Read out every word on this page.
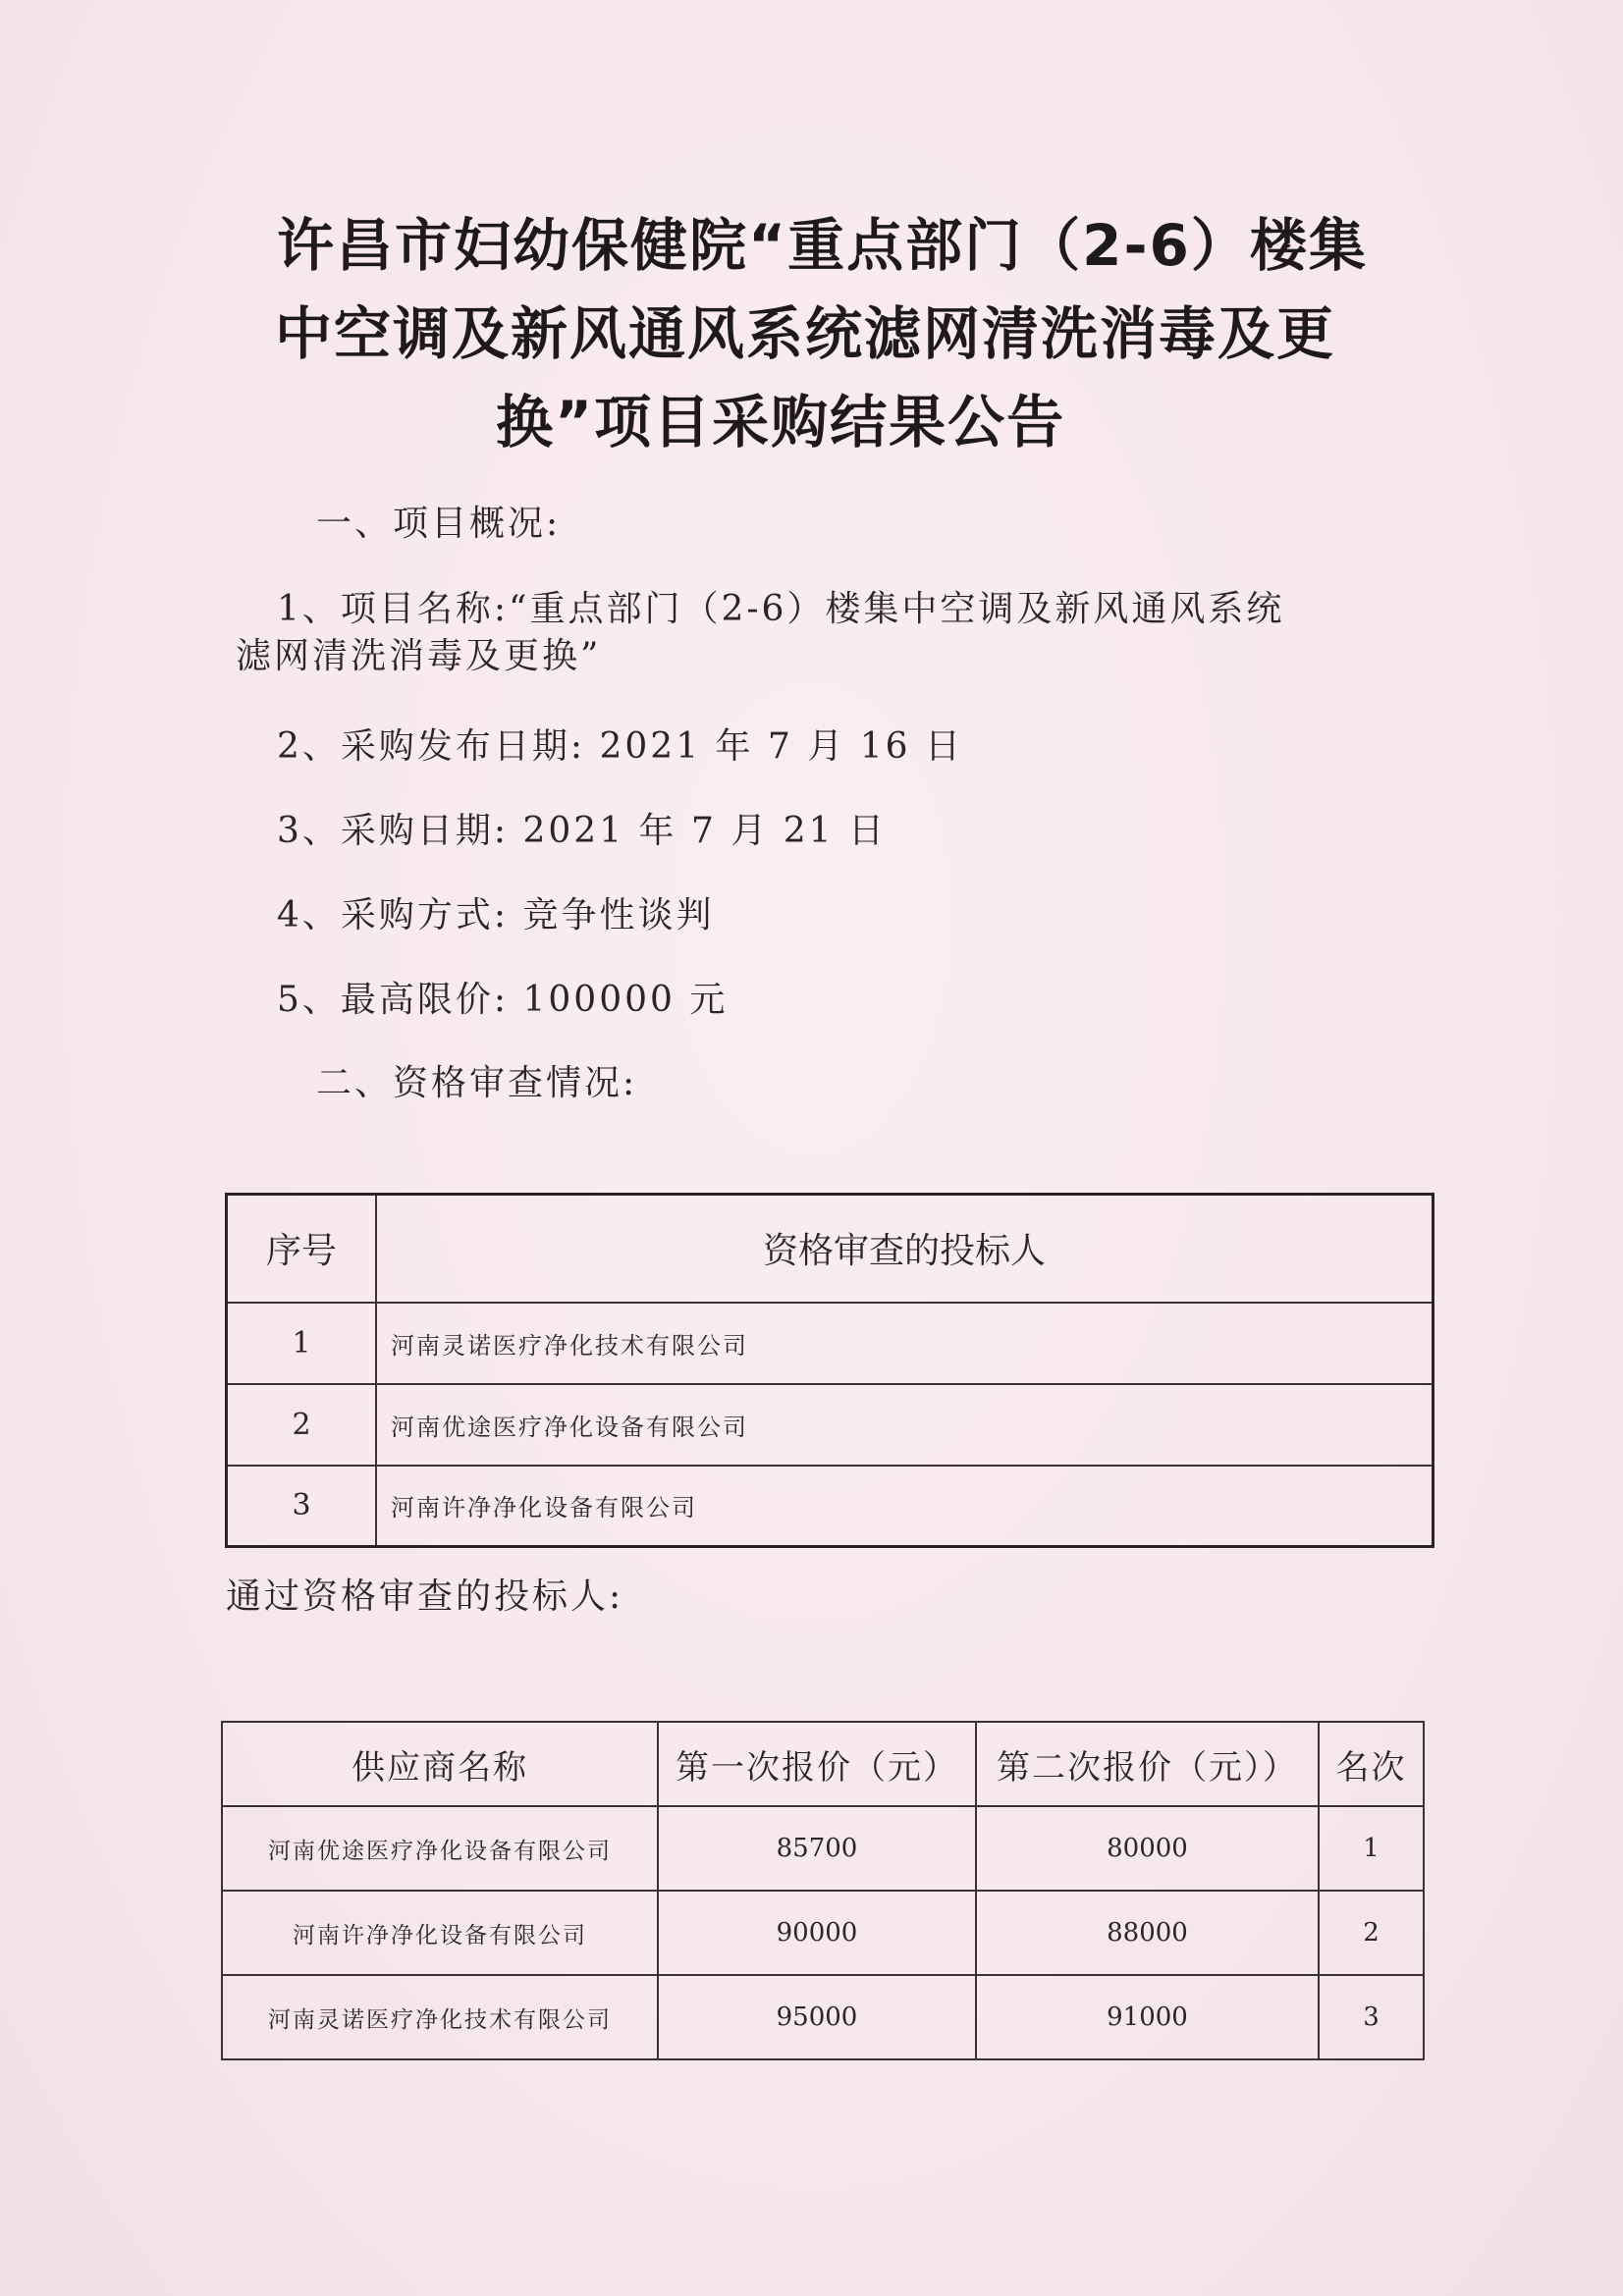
许昌市妇幼保健院“重点部门（2-6）楼集
中空调及新风通风系统滤网清洗消毒及更
换”项目采购结果公告
一、项目概况:
1、项目名称:“重点部门（2-6）楼集中空调及新风通风系统
滤网清洗消毒及更换”
2、采购发布日期: 2021 年 7 月 16 日
3、采购日期: 2021 年 7 月 21 日
4、采购方式: 竞争性谈判
5、最高限价: 100000 元
二、资格审查情况:
序号	资格审查的投标人
1	河南灵诺医疗净化技术有限公司
2	河南优途医疗净化设备有限公司
3	河南许净净化设备有限公司
通过资格审查的投标人:
供应商名称	第一次报价（元）	第二次报价（元））	名次
河南优途医疗净化设备有限公司	85700	80000	1
河南许净净化设备有限公司	90000	88000	2
河南灵诺医疗净化技术有限公司	95000	91000	3
